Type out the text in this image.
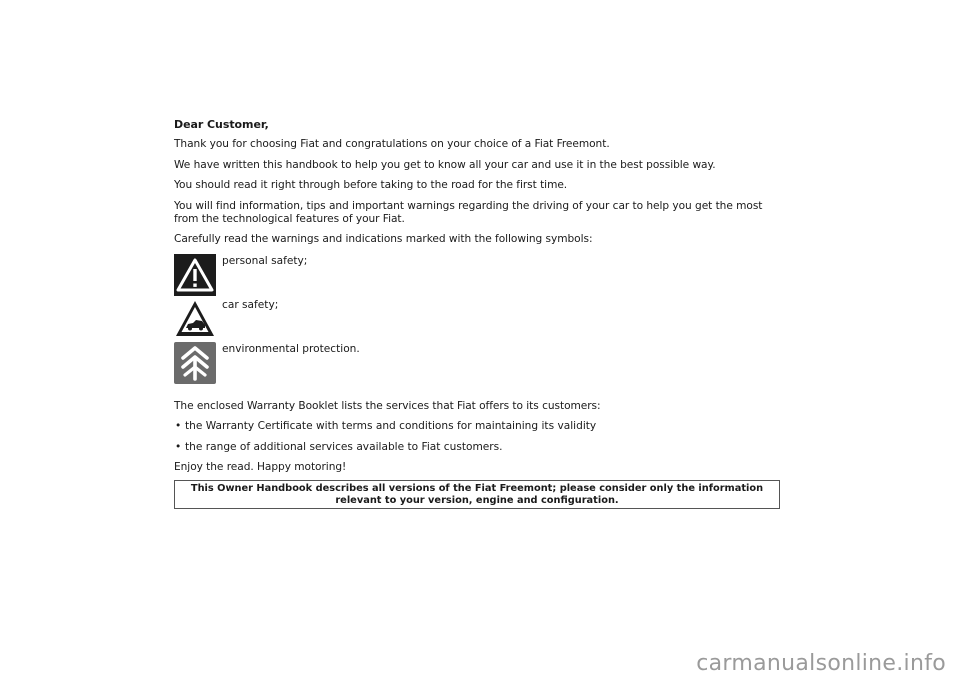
Dear Customer,

Thank you for choosing Fiat and congratulations on your choice of a Fiat Freemont.

We have written this handbook to help you get to know all your car and use it in the best possible way.

You should read it right through before taking to the road for the first time.

You will find information, tips and important warnings regarding the driving of your car to help you get the most from the technological features of your Fiat.

Carefully read the warnings and indications marked with the following symbols:

personal safety;
car safety;
environmental protection.

The enclosed Warranty Booklet lists the services that Fiat offers to its customers:

• the Warranty Certificate with terms and conditions for maintaining its validity
• the range of additional services available to Fiat customers.

Enjoy the read. Happy motoring!

This Owner Handbook describes all versions of the Fiat Freemont; please consider only the information relevant to your version, engine and configuration.
carmanualsonline.info
